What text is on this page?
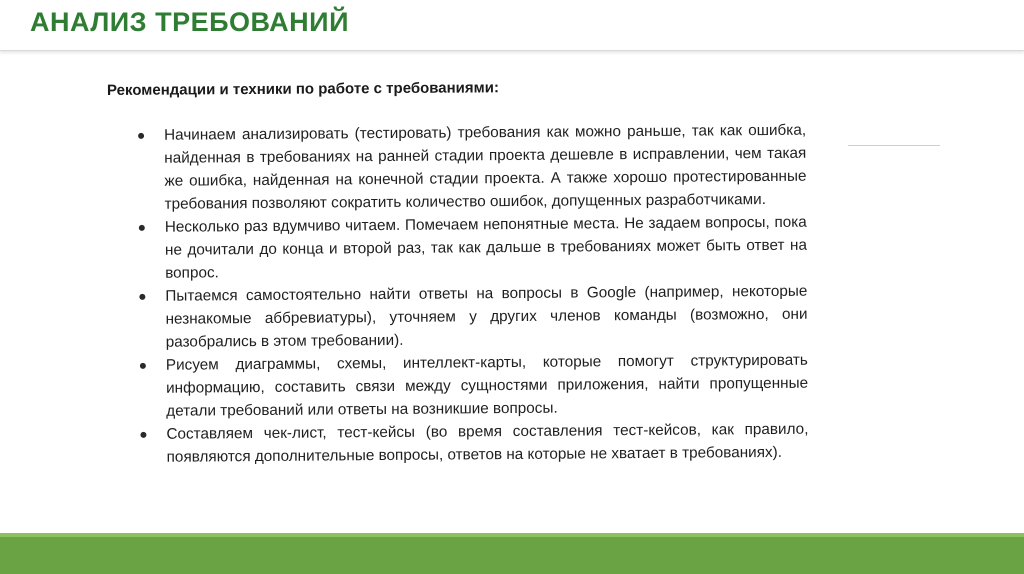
АНАЛИЗ ТРЕБОВАНИЙ
Рекомендации и техники по работе с требованиями:
Начинаем анализировать (тестировать) требования как можно раньше, так как ошибка, найденная в требованиях на ранней стадии проекта дешевле в исправлении, чем такая же ошибка, найденная на конечной стадии проекта. А также хорошо протестированные требования позволяют сократить количество ошибок, допущенных разработчиками.
Несколько раз вдумчиво читаем. Помечаем непонятные места. Не задаем вопросы, пока не дочитали до конца и второй раз, так как дальше в требованиях может быть ответ на вопрос.
Пытаемся самостоятельно найти ответы на вопросы в Google (например, некоторые незнакомые аббревиатуры), уточняем у других членов команды (возможно, они разобрались в этом требовании).
Рисуем диаграммы, схемы, интеллект-карты, которые помогут структурировать информацию, составить связи между сущностями приложения, найти пропущенные детали требований или ответы на возникшие вопросы.
Составляем чек-лист, тест-кейсы (во время составления тест-кейсов, как правило, появляются дополнительные вопросы, ответов на которые не хватает в требованиях).
